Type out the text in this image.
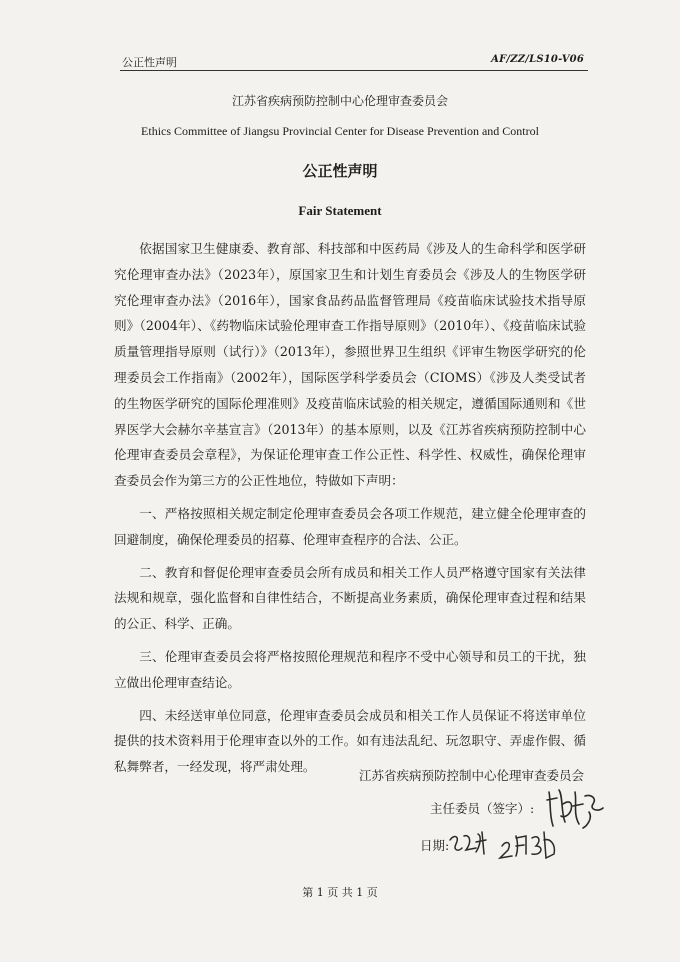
公正性声明	AF/ZZ/LS10-V06
江苏省疾病预防控制中心伦理审查委员会
Ethics Committee of Jiangsu Provincial Center for Disease Prevention and Control
公正性声明
Fair Statement

依据国家卫生健康委、教育部、科技部和中医药局《涉及人的生命科学和医学研究伦理审查办法》（2023年），原国家卫生和计划生育委员会《涉及人的生物医学研究伦理审查办法》（2016年），国家食品药品监督管理局《疫苗临床试验技术指导原则》（2004年）、《药物临床试验伦理审查工作指导原则》（2010年）、《疫苗临床试验质量管理指导原则（试行）》（2013年），参照世界卫生组织《评审生物医学研究的伦理委员会工作指南》（2002年），国际医学科学委员会（CIOMS）《涉及人类受试者的生物医学研究的国际伦理准则》及疫苗临床试验的相关规定，遵循国际通则和《世界医学大会赫尔辛基宣言》（2013年）的基本原则，以及《江苏省疾病预防控制中心伦理审查委员会章程》，为保证伦理审查工作公正性、科学性、权威性，确保伦理审查委员会作为第三方的公正性地位，特做如下声明：

一、严格按照相关规定制定伦理审查委员会各项工作规范，建立健全伦理审查的回避制度，确保伦理委员的招募、伦理审查程序的合法、公正。

二、教育和督促伦理审查委员会所有成员和相关工作人员严格遵守国家有关法律法规和规章，强化监督和自律性结合，不断提高业务素质，确保伦理审查过程和结果的公正、科学、正确。

三、伦理审查委员会将严格按照伦理规范和程序不受中心领导和员工的干扰，独立做出伦理审查结论。

四、未经送审单位同意，伦理审查委员会成员和相关工作人员保证不将送审单位提供的技术资料用于伦理审查以外的工作。如有违法乱纪、玩忽职守、弄虚作假、循私舞弊者，一经发现，将严肃处理。

江苏省疾病预防控制中心伦理审查委员会
主任委员（签字）:
日期:
第 1 页 共 1 页
